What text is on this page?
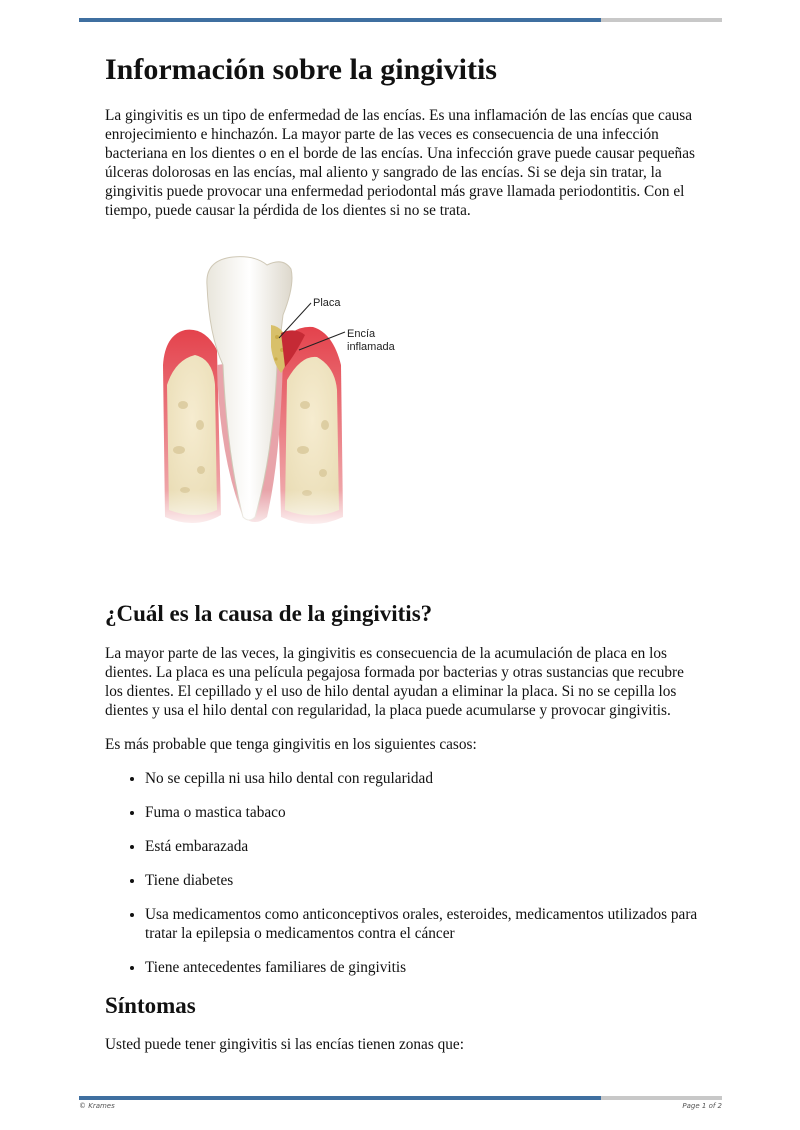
Información sobre la gingivitis

La gingivitis es un tipo de enfermedad de las encías. Es una inflamación de las encías que causa enrojecimiento e hinchazón. La mayor parte de las veces es consecuencia de una infección bacteriana en los dientes o en el borde de las encías. Una infección grave puede causar pequeñas úlceras dolorosas en las encías, mal aliento y sangrado de las encías. Si se deja sin tratar, la gingivitis puede provocar una enfermedad periodontal más grave llamada periodontitis. Con el tiempo, puede causar la pérdida de los dientes si no se trata.

Placa
Encía
inflamada
¿Cuál es la causa de la gingivitis?

La mayor parte de las veces, la gingivitis es consecuencia de la acumulación de placa en los dientes. La placa es una película pegajosa formada por bacterias y otras sustancias que recubre los dientes. El cepillado y el uso de hilo dental ayudan a eliminar la placa. Si no se cepilla los dientes y usa el hilo dental con regularidad, la placa puede acumularse y provocar gingivitis.

Es más probable que tenga gingivitis en los siguientes casos:

• No se cepilla ni usa hilo dental con regularidad
• Fuma o mastica tabaco
• Está embarazada
• Tiene diabetes
• Usa medicamentos como anticonceptivos orales, esteroides, medicamentos utilizados para tratar la epilepsia o medicamentos contra el cáncer
• Tiene antecedentes familiares de gingivitis
Síntomas

Usted puede tener gingivitis si las encías tienen zonas que:

© Krames	Page 1 of 2
